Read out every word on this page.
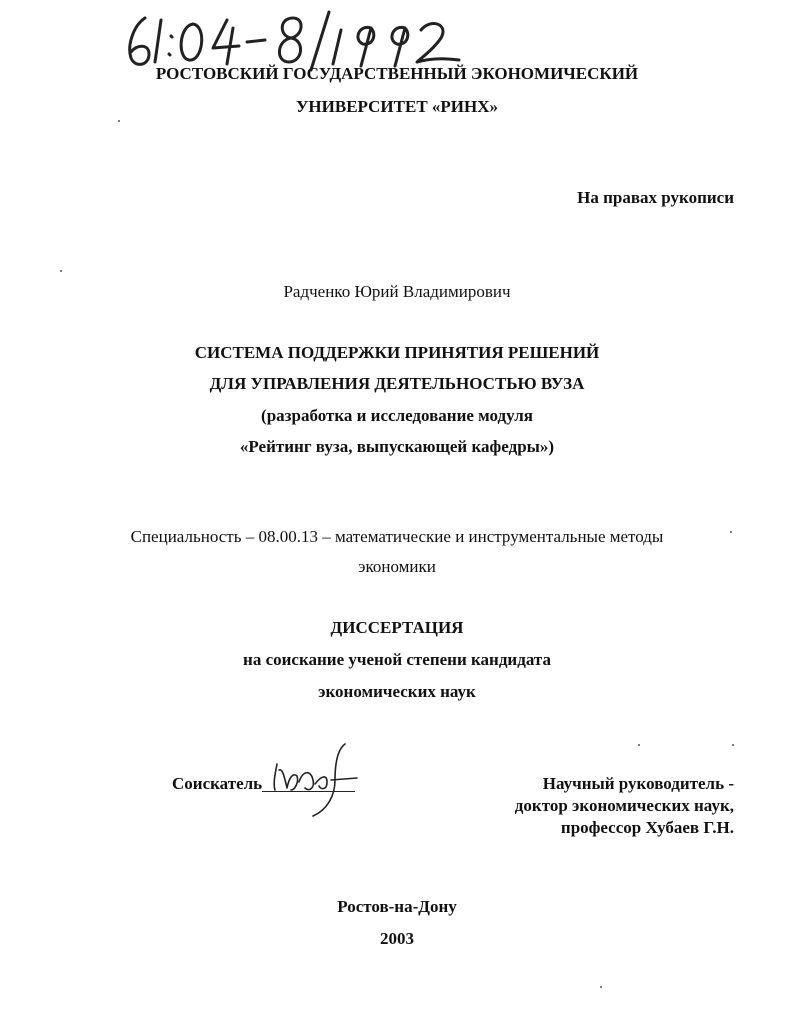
РОСТОВСКИЙ ГОСУДАРСТВЕННЫЙ ЭКОНОМИЧЕСКИЙ
УНИВЕРСИТЕТ «РИНХ»
На правах рукописи
Радченко Юрий Владимирович
СИСТЕМА ПОДДЕРЖКИ ПРИНЯТИЯ РЕШЕНИЙ
ДЛЯ УПРАВЛЕНИЯ ДЕЯТЕЛЬНОСТЬЮ ВУЗА
(разработка и исследование модуля
«Рейтинг вуза, выпускающей кафедры»)
Специальность – 08.00.13 – математические и инструментальные методы
экономики
ДИССЕРТАЦИЯ
на соискание ученой степени кандидата
экономических наук
Соискатель	Научный руководитель -
доктор экономических наук,
профессор Хубаев Г.Н.
Ростов-на-Дону
2003
